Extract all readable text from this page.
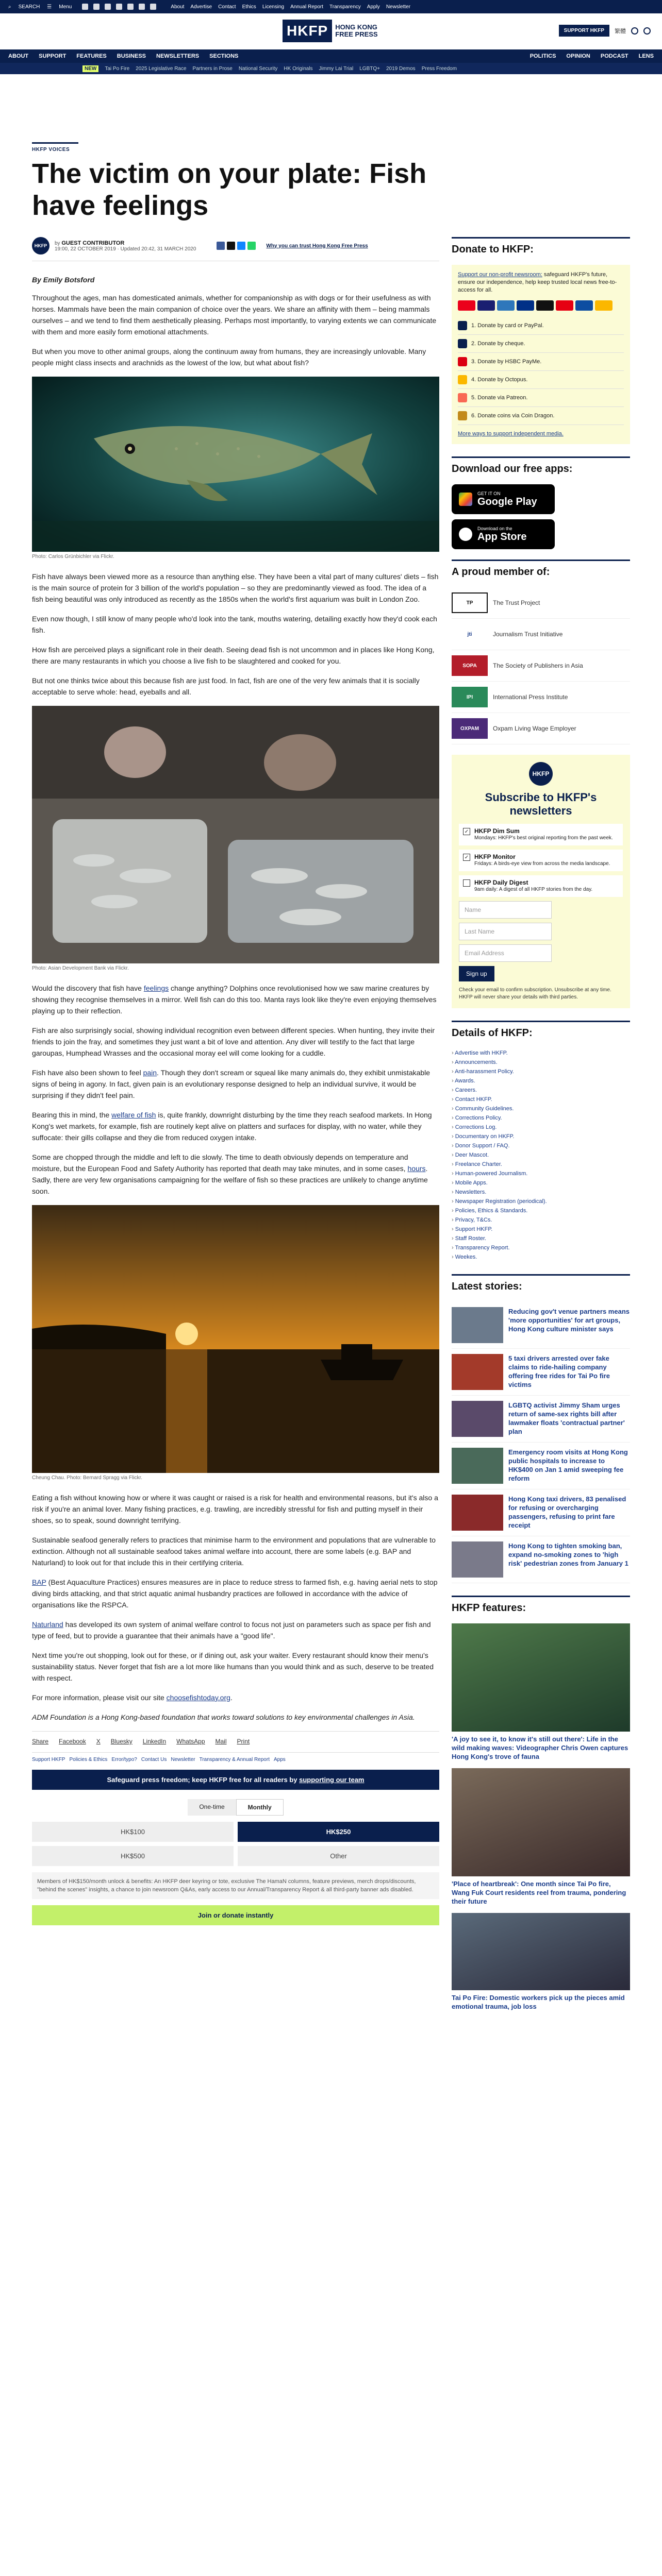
⌕ SEARCH ☰ Menu	About Advertise Contact Ethics Licensing Annual Report Transparency Apply Newsletter
HKFP	HONG KONG
FREE PRESS	SUPPORT HKFP	繁體
ABOUT SUPPORT FEATURES BUSINESS NEWSLETTERS SECTIONS	POLITICS OPINION PODCAST LENS
NEW	Tai Po Fire 2025 Legislative Race Partners in Prose National Security HK Originals Jimmy Lai Trial LGBTQ+ 2019 Demos Press Freedom
HKFP VOICES
The victim on your plate: Fish have feelings
HKFP	by GUEST CONTRIBUTOR
19:00, 22 OCTOBER 2019 · Updated 20:42, 31 MARCH 2020
Why you can trust Hong Kong Free Press
By Emily Botsford

Throughout the ages, man has domesticated animals, whether for companionship as with dogs or for their usefulness as with horses. Mammals have been the main companion of choice over the years. We share an affinity with them – being mammals ourselves – and we tend to find them aesthetically pleasing. Perhaps most importantly, to varying extents we can communicate with them and more easily form emotional attachments.

But when you move to other animal groups, along the continuum away from humans, they are increasingly unlovable. Many people might class insects and arachnids as the lowest of the low, but what about fish?

Photo: Carlos Grünbichler via Flickr.

Fish have always been viewed more as a resource than anything else. They have been a vital part of many cultures' diets – fish is the main source of protein for 3 billion of the world's population – so they are predominantly viewed as food. The idea of a fish being beautiful was only introduced as recently as the 1850s when the world's first aquarium was built in London Zoo.

Even now though, I still know of many people who'd look into the tank, mouths watering, detailing exactly how they'd cook each fish.

How fish are perceived plays a significant role in their death. Seeing dead fish is not uncommon and in places like Hong Kong, there are many restaurants in which you choose a live fish to be slaughtered and cooked for you.

But not one thinks twice about this because fish are just food. In fact, fish are one of the very few animals that it is socially acceptable to serve whole: head, eyeballs and all.

Photo: Asian Development Bank via Flickr.

Would the discovery that fish have feelings change anything? Dolphins once revolutionised how we saw marine creatures by showing they recognise themselves in a mirror. Well fish can do this too. Manta rays look like they're even enjoying themselves playing up to their reflection.

Fish are also surprisingly social, showing individual recognition even between different species. When hunting, they invite their friends to join the fray, and sometimes they just want a bit of love and attention. Any diver will testify to the fact that large garoupas, Humphead Wrasses and the occasional moray eel will come looking for a cuddle.

Fish have also been shown to feel pain. Though they don't scream or squeal like many animals do, they exhibit unmistakable signs of being in agony. In fact, given pain is an evolutionary response designed to help an individual survive, it would be surprising if they didn't feel pain.

Bearing this in mind, the welfare of fish is, quite frankly, downright disturbing by the time they reach seafood markets. In Hong Kong's wet markets, for example, fish are routinely kept alive on platters and surfaces for display, with no water, while they suffocate: their gills collapse and they die from reduced oxygen intake.

Some are chopped through the middle and left to die slowly. The time to death obviously depends on temperature and moisture, but the European Food and Safety Authority has reported that death may take minutes, and in some cases, hours. Sadly, there are very few organisations campaigning for the welfare of fish so these practices are unlikely to change anytime soon.

Cheung Chau. Photo: Bernard Spragg via Flickr.

Eating a fish without knowing how or where it was caught or raised is a risk for health and environmental reasons, but it's also a risk if you're an animal lover. Many fishing practices, e.g. trawling, are incredibly stressful for fish and putting myself in their shoes, so to speak, sound downright terrifying.

Sustainable seafood generally refers to practices that minimise harm to the environment and populations that are vulnerable to extinction. Although not all sustainable seafood takes animal welfare into account, there are some labels (e.g. BAP and Naturland) to look out for that include this in their certifying criteria.

BAP (Best Aquaculture Practices) ensures measures are in place to reduce stress to farmed fish, e.g. having aerial nets to stop diving birds attacking, and that strict aquatic animal husbandry practices are followed in accordance with the advice of organisations like the RSPCA.

Naturland has developed its own system of animal welfare control to focus not just on parameters such as space per fish and type of feed, but to provide a guarantee that their animals have a "good life".

Next time you're out shopping, look out for these, or if dining out, ask your waiter. Every restaurant should know their menu's sustainability status. Never forget that fish are a lot more like humans than you would think and as such, deserve to be treated with respect.

For more information, please visit our site choosefishtoday.org.

ADM Foundation is a Hong Kong-based foundation that works toward solutions to key environmental challenges in Asia.

Share Facebook X Bluesky LinkedIn WhatsApp Mail Print
Support HKFP Policies & Ethics Error/typo? Contact Us Newsletter Transparency & Annual Report Apps
Safeguard press freedom; keep HKFP free for all readers by supporting our team
One-time	Monthly
HK$100	HK$250
HK$500	Other
Members of HK$150/month unlock & benefits: An HKFP deer keyring or tote, exclusive The HamaN columns, feature previews, merch drops/discounts, "behind the scenes" insights, a chance to join newsroom Q&As, early access to our Annual/Transparency Report & all third-party banner ads disabled.
Join or donate instantly
Donate to HKFP:
Support our non-profit newsroom: safeguard HKFP's future, ensure our independence, help keep trusted local news free-to-access for all.
1. Donate by card or PayPal.
2. Donate by cheque.
3. Donate by HSBC PayMe.
4. Donate by Octopus.
5. Donate via Patreon.
6. Donate coins via Coin Dragon.
More ways to support independent media.
Download our free apps:
GET IT ON
Google Play
Download on the
App Store
A proud member of:
TP	The Trust Project
jti	Journalism Trust Initiative
SOPA	The Society of Publishers in Asia
IPI	International Press Institute
OXPAM	Oxpam Living Wage Employer
HKFP
Subscribe to HKFP's newsletters
✓ HKFP Dim Sum
Mondays: HKFP's best original reporting from the past week.
✓ HKFP Monitor
Fridays: A birds-eye view from across the media landscape.
HKFP Daily Digest
9am daily: A digest of all HKFP stories from the day.
Name
Last Name
Email Address
Sign up
Check your email to confirm subscription. Unsubscribe at any time. HKFP will never share your details with third parties.
Details of HKFP:
› Advertise with HKFP.
› Announcements.
› Anti-harassment Policy.
› Awards.
› Careers.
› Contact HKFP.
› Community Guidelines.
› Corrections Policy.
› Corrections Log.
› Documentary on HKFP.
› Donor Support / FAQ.
› Deer Mascot.
› Freelance Charter.
› Human-powered Journalism.
› Mobile Apps.
› Newsletters.
› Newspaper Registration (periodical).
› Policies, Ethics & Standards.
› Privacy, T&Cs.
› Support HKFP.
› Staff Roster.
› Transparency Report.
› Weekes.
Latest stories:
Reducing gov't venue partners means 'more opportunities' for art groups, Hong Kong culture minister says
5 taxi drivers arrested over fake claims to ride-hailing company offering free rides for Tai Po fire victims
LGBTQ activist Jimmy Sham urges return of same-sex rights bill after lawmaker floats 'contractual partner' plan
Emergency room visits at Hong Kong public hospitals to increase to HK$400 on Jan 1 amid sweeping fee reform
Hong Kong taxi drivers, 83 penalised for refusing or overcharging passengers, refusing to print fare receipt
Hong Kong to tighten smoking ban, expand no-smoking zones to 'high risk' pedestrian zones from January 1
HKFP features:
'A joy to see it, to know it's still out there': Life in the wild making waves: Videographer Chris Owen captures Hong Kong's trove of fauna
'Place of heartbreak': One month since Tai Po fire, Wang Fuk Court residents reel from trauma, pondering their future
Tai Po Fire: Domestic workers pick up the pieces amid emotional trauma, job loss
